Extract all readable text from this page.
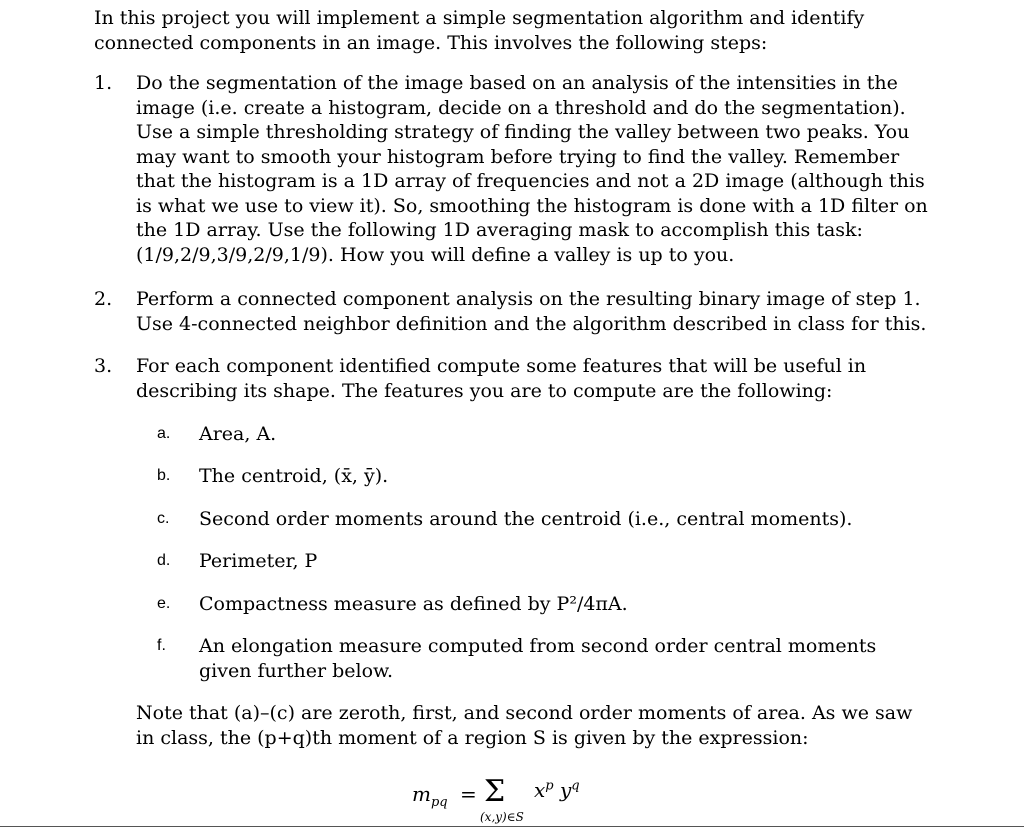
In this project you will implement a simple segmentation algorithm and identify connected components in an image. This involves the following steps:

1. Do the segmentation of the image based on an analysis of the intensities in the image (i.e. create a histogram, decide on a threshold and do the segmentation). Use a simple thresholding strategy of finding the valley between two peaks. You may want to smooth your histogram before trying to find the valley. Remember that the histogram is a 1D array of frequencies and not a 2D image (although this is what we use to view it). So, smoothing the histogram is done with a 1D filter on the 1D array. Use the following 1D averaging mask to accomplish this task: (1/9,2/9,3/9,2/9,1/9). How you will define a valley is up to you.

2. Perform a connected component analysis on the resulting binary image of step 1. Use 4-connected neighbor definition and the algorithm described in class for this.

3. For each component identified compute some features that will be useful in describing its shape. The features you are to compute are the following:

a. Area, A.

b. The centroid, (x̄, ȳ).

c. Second order moments around the centroid (i.e., central moments).

d. Perimeter, P

e. Compactness measure as defined by P²/4πA.

f. An elongation measure computed from second order central moments given further below.

Note that (a)–(c) are zeroth, first, and second order moments of area. As we saw in class, the (p+q)th moment of a region S is given by the expression:

$m_{pq} = \Sigma$ $x^p$ $y^q$
(x,y)∈S
